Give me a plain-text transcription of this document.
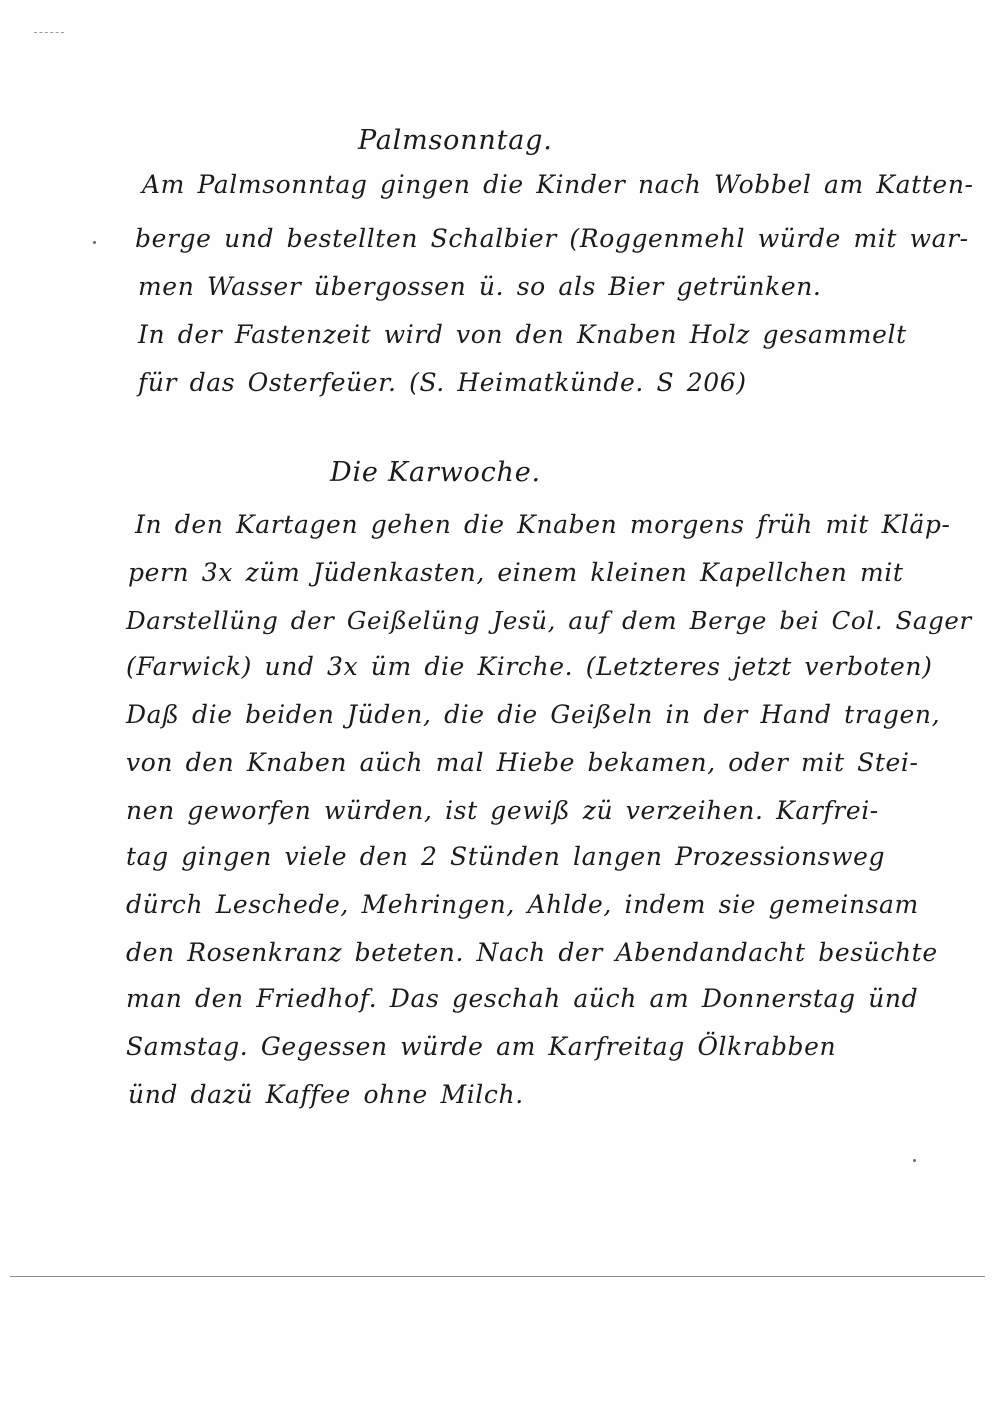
Palmsonntag.
Am Palmsonntag gingen die Kinder nach Wobbel am Katten-
berge und bestellten Schalbier (Roggenmehl würde mit war-
men Wasser übergossen ü. so als Bier getrünken.
In der Fastenzeit wird von den Knaben Holz gesammelt
für das Osterfeüer. (S. Heimatkünde. S 206)
Die Karwoche.
In den Kartagen gehen die Knaben morgens früh mit Kläp-
pern 3x züm Jüdenkasten, einem kleinen Kapellchen mit
Darstellüng der Geißelüng Jesü, auf dem Berge bei Col. Sager
(Farwick) und 3x üm die Kirche. (Letzteres jetzt verboten)
Daß die beiden Jüden, die die Geißeln in der Hand tragen,
von den Knaben aüch mal Hiebe bekamen, oder mit Stei-
nen geworfen würden, ist gewiß zü verzeihen. Karfrei-
tag gingen viele den 2 Stünden langen Prozessionsweg
dürch Leschede, Mehringen, Ahlde, indem sie gemeinsam
den Rosenkranz beteten. Nach der Abendandacht besüchte
man den Friedhof. Das geschah aüch am Donnerstag ünd
Samstag. Gegessen würde am Karfreitag Ölkrabben
ünd dazü Kaffee ohne Milch.
